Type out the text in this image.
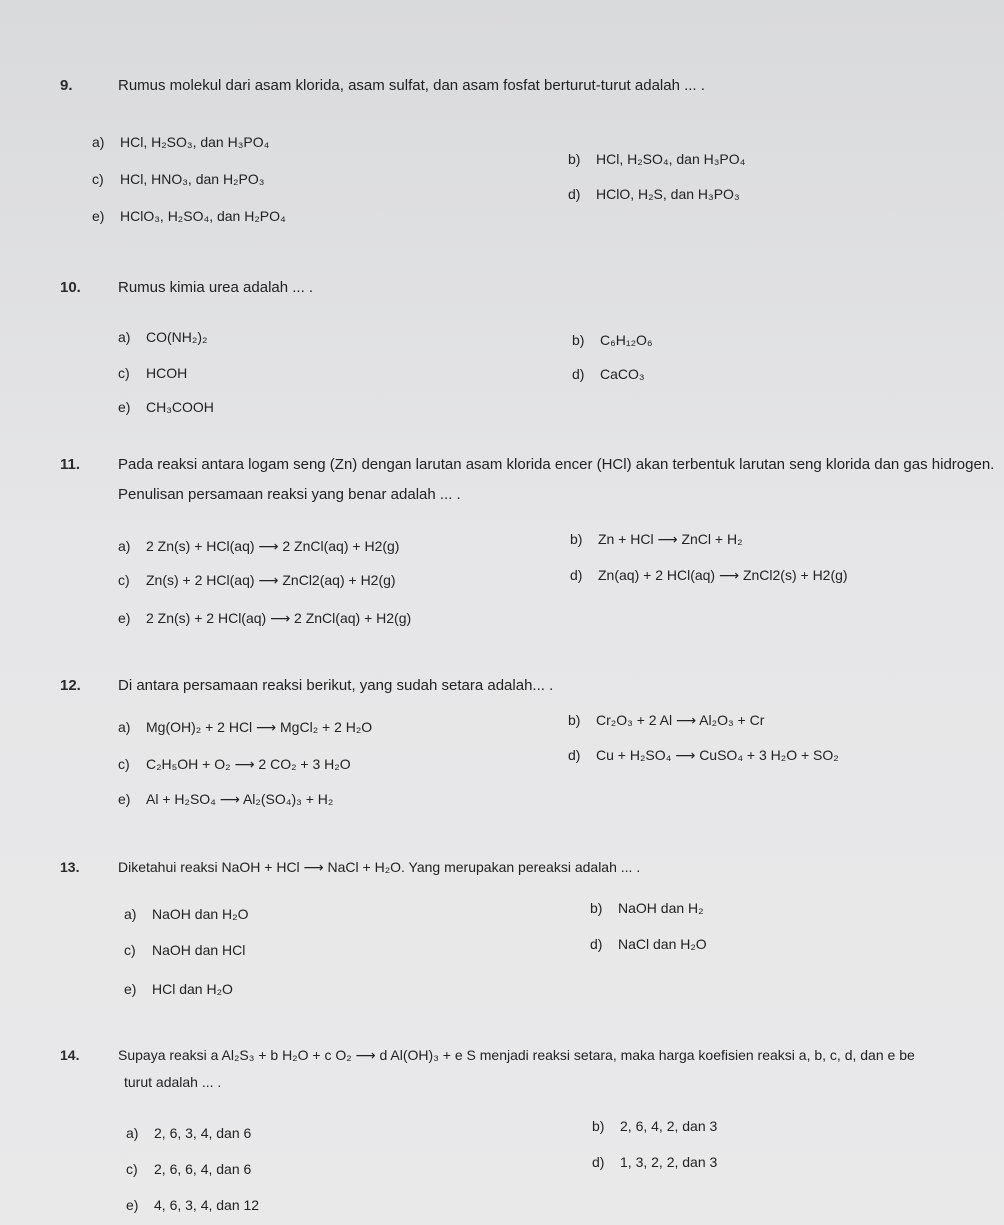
9.	Rumus molekul dari asam klorida, asam sulfat, dan asam fosfat berturut-turut adalah ... .
a) HCl, H₂SO₃, dan H₃PO₄
b) HCl, H₂SO₄, dan H₃PO₄
c) HCl, HNO₃, dan H₂PO₃
d) HClO, H₂S, dan H₃PO₃
e) HClO₃, H₂SO₄, dan H₂PO₄
10. Rumus kimia urea adalah ... .
a) CO(NH₂)₂	b) C₆H₁₂O₆
c) HCOH	d) CaCO₃
e) CH₃COOH
11.	Pada reaksi antara logam seng (Zn) dengan larutan asam klorida encer (HCl) akan terbentuk larutan seng klorida dan gas hidrogen.
Penulisan persamaan reaksi yang benar adalah ... .
a) 2 Zn(s) + HCl(aq) ⟶ 2 ZnCl(aq) + H2(g)	b) Zn + HCl ⟶ ZnCl + H₂
c) Zn(s) + 2 HCl(aq) ⟶ ZnCl2(aq) + H2(g)	d) Zn(aq) + 2 HCl(aq) ⟶ ZnCl2(s) + H2(g)
e) 2 Zn(s) + 2 HCl(aq) ⟶ 2 ZnCl(aq) + H2(g)
12. Di antara persamaan reaksi berikut, yang sudah setara adalah... .
a) Mg(OH)₂ + 2 HCl ⟶ MgCl₂ + 2 H₂O	b) Cr₂O₃ + 2 Al ⟶ Al₂O₃ + Cr
c) C₂H₅OH + O₂ ⟶ 2 CO₂ + 3 H₂O
d) Cu + H₂SO₄ ⟶ CuSO₄ + 3 H₂O + SO₂
e) Al + H₂SO₄ ⟶ Al₂(SO₄)₃ + H₂
13.	Diketahui reaksi NaOH + HCl ⟶ NaCl + H₂O. Yang merupakan pereaksi adalah ... .
a) NaOH dan H₂O	b) NaOH dan H₂
c) NaOH dan HCl	d) NaCl dan H₂O
e) HCl dan H₂O
14.	Supaya reaksi a Al₂S₃ + b H₂O + c O₂ ⟶ d Al(OH)₃ + e S menjadi reaksi setara, maka harga koefisien reaksi a, b, c, d, dan e be
turut adalah ... .
a) 2, 6, 3, 4, dan 6	b) 2, 6, 4, 2, dan 3
c) 2, 6, 6, 4, dan 6	d) 1, 3, 2, 2, dan 3
e) 4, 6, 3, 4, dan 12
